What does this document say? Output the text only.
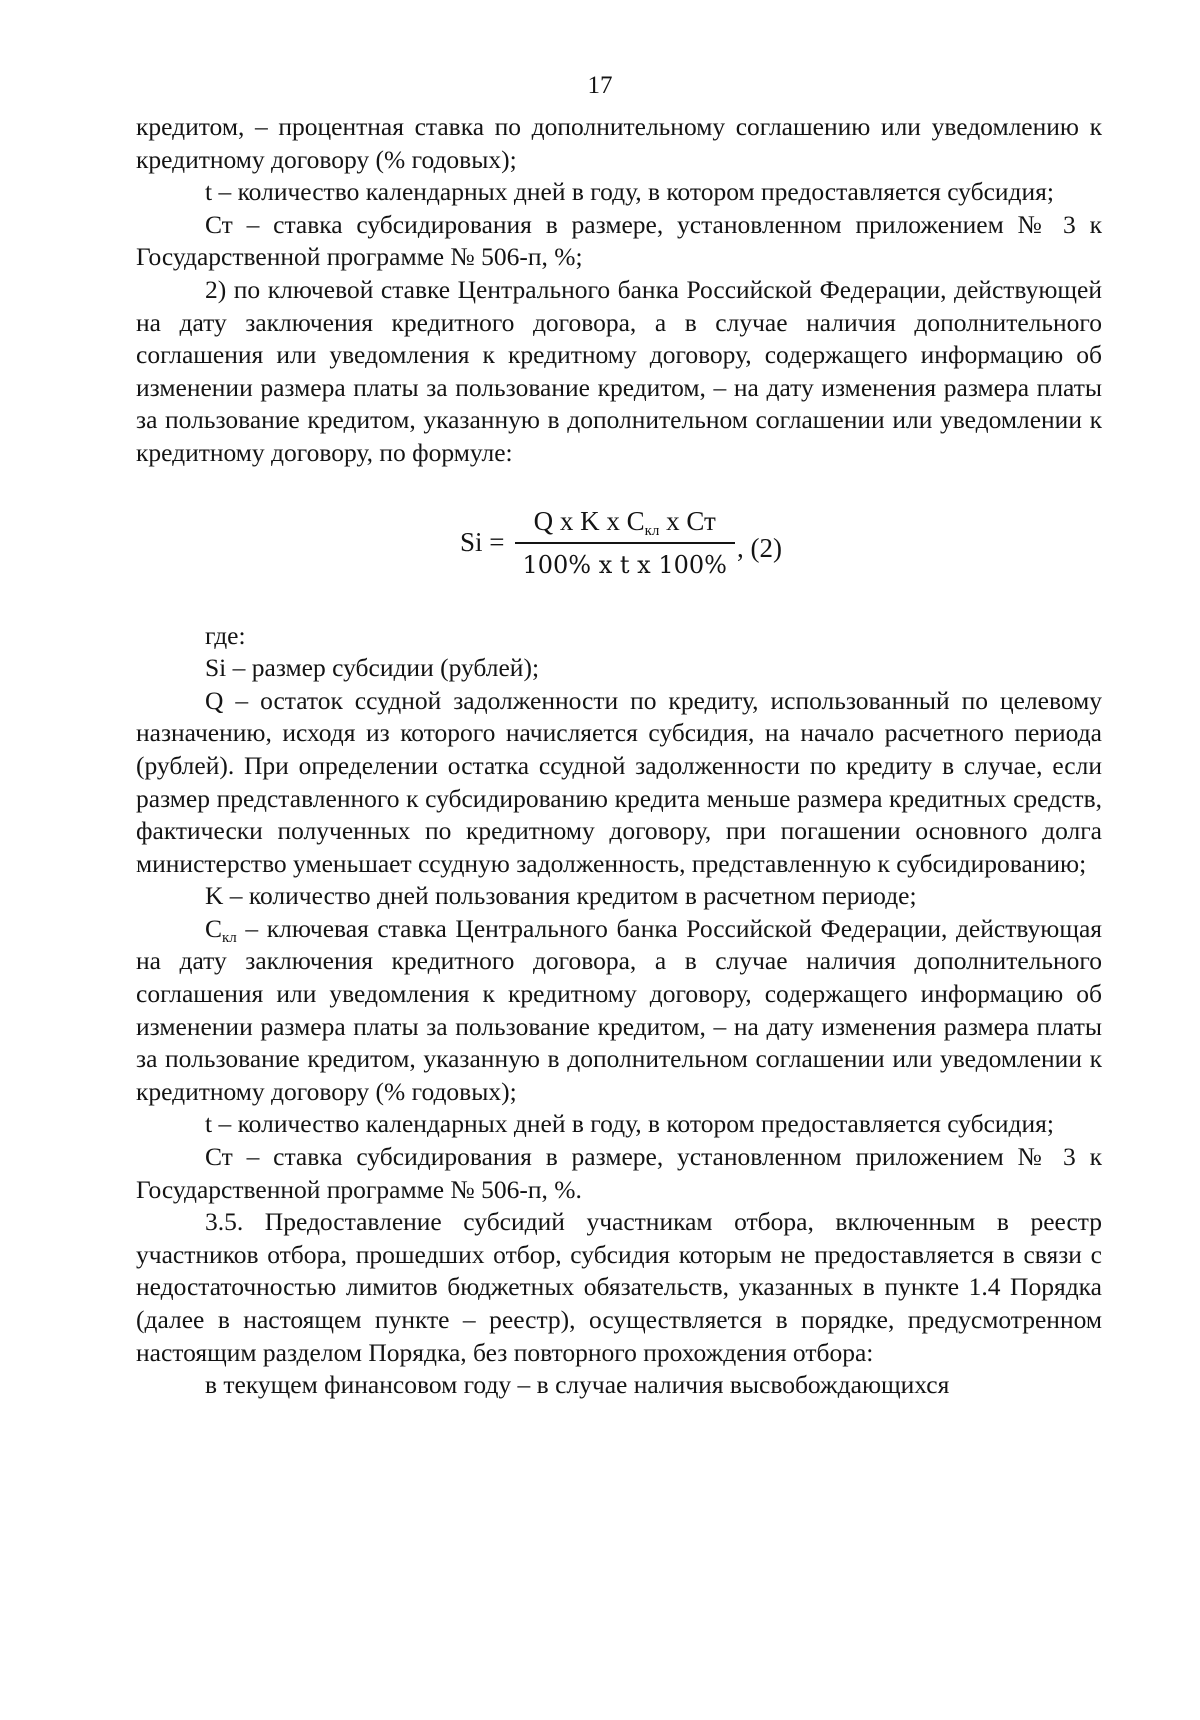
17

кредитом, – процентная ставка по дополнительному соглашению или уведомлению к кредитному договору (% годовых);

t – количество календарных дней в году, в котором предоставляется субсидия;

Ст – ставка субсидирования в размере, установленном приложением № 3 к Государственной программе № 506-п, %;

2) по ключевой ставке Центрального банка Российской Федерации, действующей на дату заключения кредитного договора, а в случае наличия дополнительного соглашения или уведомления к кредитному договору, содержащего информацию об изменении размера платы за пользование кредитом, – на дату изменения размера платы за пользование кредитом, указанную в дополнительном соглашении или уведомлении к кредитному договору, по формуле:

$Si = \frac{Q x K x C_{кл} x Ст}{\text{100\% x t x 100\%}}$ , (2)

где:

Si – размер субсидии (рублей);

Q – остаток ссудной задолженности по кредиту, использованный по целевому назначению, исходя из которого начисляется субсидия, на начало расчетного периода (рублей). При определении остатка ссудной задолженности по кредиту в случае, если размер представленного к субсидированию кредита меньше размера кредитных средств, фактически полученных по кредитному договору, при погашении основного долга министерство уменьшает ссудную задолженность, представленную к субсидированию;

K – количество дней пользования кредитом в расчетном периоде;

$С_{кл}$ – ключевая ставка Центрального банка Российской Федерации, действующая на дату заключения кредитного договора, а в случае наличия дополнительного соглашения или уведомления к кредитному договору, содержащего информацию об изменении размера платы за пользование кредитом, – на дату изменения размера платы за пользование кредитом, указанную в дополнительном соглашении или уведомлении к кредитному договору (% годовых);

t – количество календарных дней в году, в котором предоставляется субсидия;

Ст – ставка субсидирования в размере, установленном приложением № 3 к Государственной программе № 506-п, %.

3.5. Предоставление субсидий участникам отбора, включенным в реестр участников отбора, прошедших отбор, субсидия которым не предоставляется в связи с недостаточностью лимитов бюджетных обязательств, указанных в пункте 1.4 Порядка (далее в настоящем пункте – реестр), осуществляется в порядке, предусмотренном настоящим разделом Порядка, без повторного прохождения отбора:

в текущем финансовом году – в случае наличия высвобождающихся
